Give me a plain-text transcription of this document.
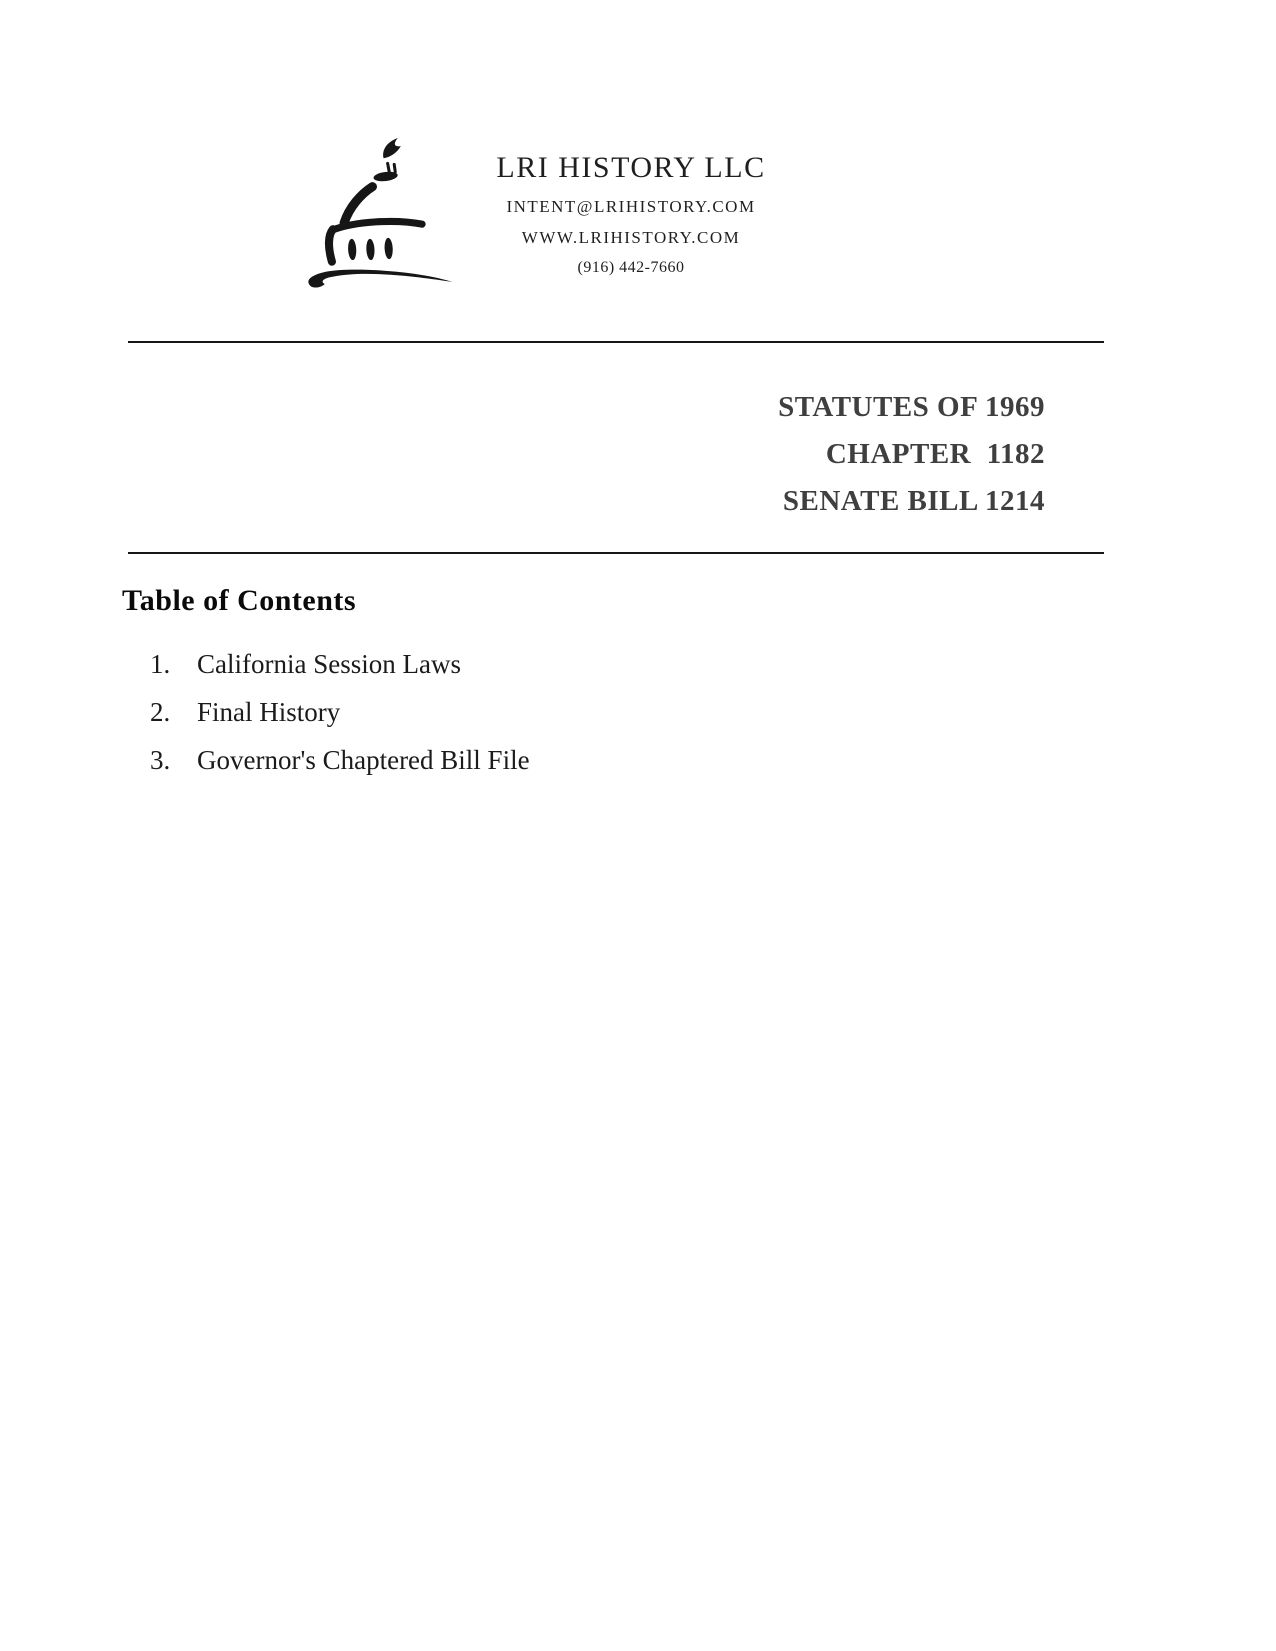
LRI HISTORY LLC
INTENT@LRIHISTORY.COM
WWW.LRIHISTORY.COM
(916) 442-7660
STATUTES OF 1969
CHAPTER  1182
SENATE BILL 1214
Table of Contents
1. California Session Laws
2. Final History
3. Governor's Chaptered Bill File
